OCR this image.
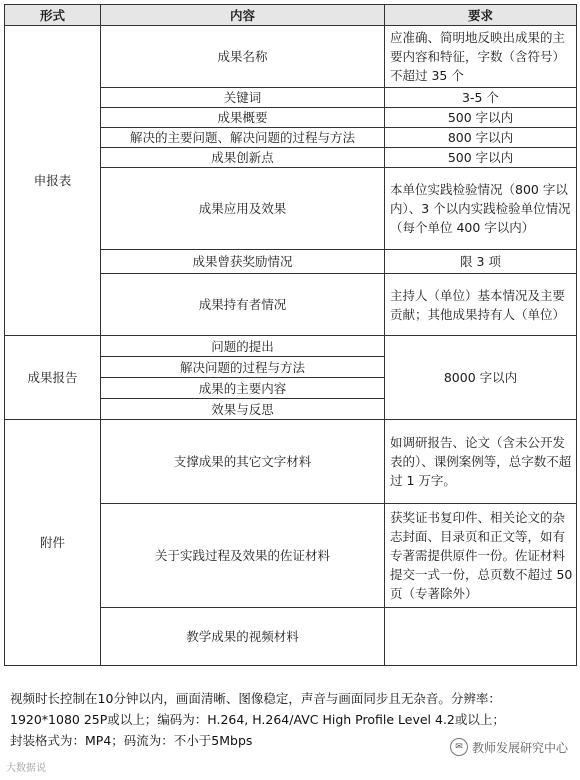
形式	内容	要求
申报表	成果名称	应准确、简明地反映出成果的主要内容和特征，字数（含符号）不超过 35 个
	关键词	3-5 个
	成果概要	500 字以内
	解决的主要问题、解决问题的过程与方法	800 字以内
	成果创新点	500 字以内
	成果应用及效果	本单位实践检验情况（800 字以内）、3 个以内实践检验单位情况（每个单位 400 字以内）
	成果曾获奖励情况	限 3 项
	成果持有者情况	主持人（单位）基本情况及主要贡献；其他成果持有人（单位）
成果报告	问题的提出	8000 字以内
	解决问题的过程与方法	
	成果的主要内容	
	效果与反思	
附件	支撑成果的其它文字材料	如调研报告、论文（含未公开发表的）、课例案例等，总字数不超过 1 万字。
	关于实践过程及效果的佐证材料	获奖证书复印件、相关论文的杂志封面、目录页和正文等，如有专著需提供原件一份。佐证材料提交一式一份，总页数不超过 50 页（专著除外）
	教学成果的视频材料	
视频时长控制在10分钟以内，画面清晰、图像稳定，声音与画面同步且无杂音。分辨率：
1920*1080 25P或以上；编码为：H.264, H.264/AVC High Profile Level 4.2或以上；
封装格式为：MP4；码流为：不小于5Mbps
大数据说
✉ 教师发展研究中心
